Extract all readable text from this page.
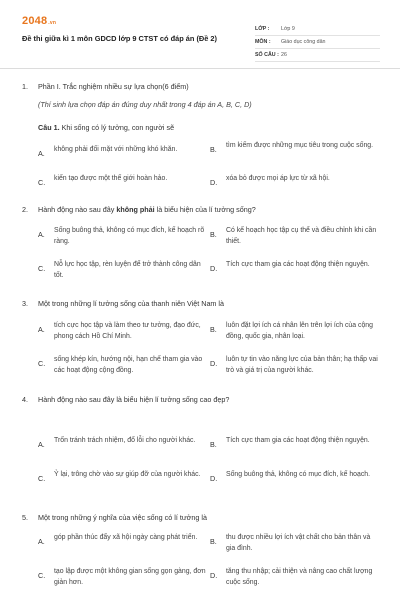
2048.vn
Đề thi giữa kì 1 môn GDCD lớp 9 CTST có đáp án (Đề 2)
LỚP :	Lớp 9
MÔN :	Giáo dục công dân
SỐ CÂU : 26
1.	Phần I. Trắc nghiệm nhiều sự lựa chọn(6 điểm)
(Thí sinh lựa chọn đáp án đúng duy nhất trong 4 đáp án A, B, C, D)
Câu 1. Khi sống có lý tưởng, con người sẽ
A.	không phải đối mặt với những khó khăn.	B.	tìm kiếm được những mục tiêu trong cuộc sống.
C.	kiến tạo được một thế giới hoàn hảo.	D.	xóa bỏ được mọi áp lực từ xã hội.
2.	Hành động nào sau đây không phải là biểu hiện của lí tưởng sống?
A.	Sống buông thả, không có mục đích, kế hoạch rõ ràng.
B.	Có kế hoạch học tập cụ thể và điều chỉnh khi cần thiết.
C.	Nỗ lực học tập, rèn luyện để trở thành công dân tốt.
D.	Tích cực tham gia các hoạt động thiện nguyện.
3.	Một trong những lí tưởng sống của thanh niên Việt Nam là
A.	tích cực học tập và làm theo tư tưởng, đạo đức, phong cách Hồ Chí Minh.
B.	luôn đặt lợi ích cá nhân lên trên lợi ích của cộng đồng, quốc gia, nhân loại.
C.	sống khép kín, hướng nội, hạn chế tham gia vào các hoạt động cộng đồng.
D.	luôn tự tin vào năng lực của bản thân; hạ thấp vai trò và giá trị của người khác.
4.	Hành động nào sau đây là biểu hiện lí tưởng sống cao đẹp?
A.	Trốn tránh trách nhiệm, đổ lỗi cho người khác.	B.	Tích cực tham gia các hoạt động thiện nguyện.
C.	Ỷ lại, trông chờ vào sự giúp đỡ của người khác.	D.	Sống buông thả, không có mục đích, kế hoạch.
5.	Một trong những ý nghĩa của việc sống có lí tưởng là
A.	góp phần thúc đẩy xã hội ngày càng phát triển.	B.	thu được nhiều lợi ích vật chất cho bản thân và gia đình.
C.	tạo lập được một không gian sống gọn gàng, đơn giản hơn.
D.	tăng thu nhập; cải thiện và nâng cao chất lượng cuộc sống.
